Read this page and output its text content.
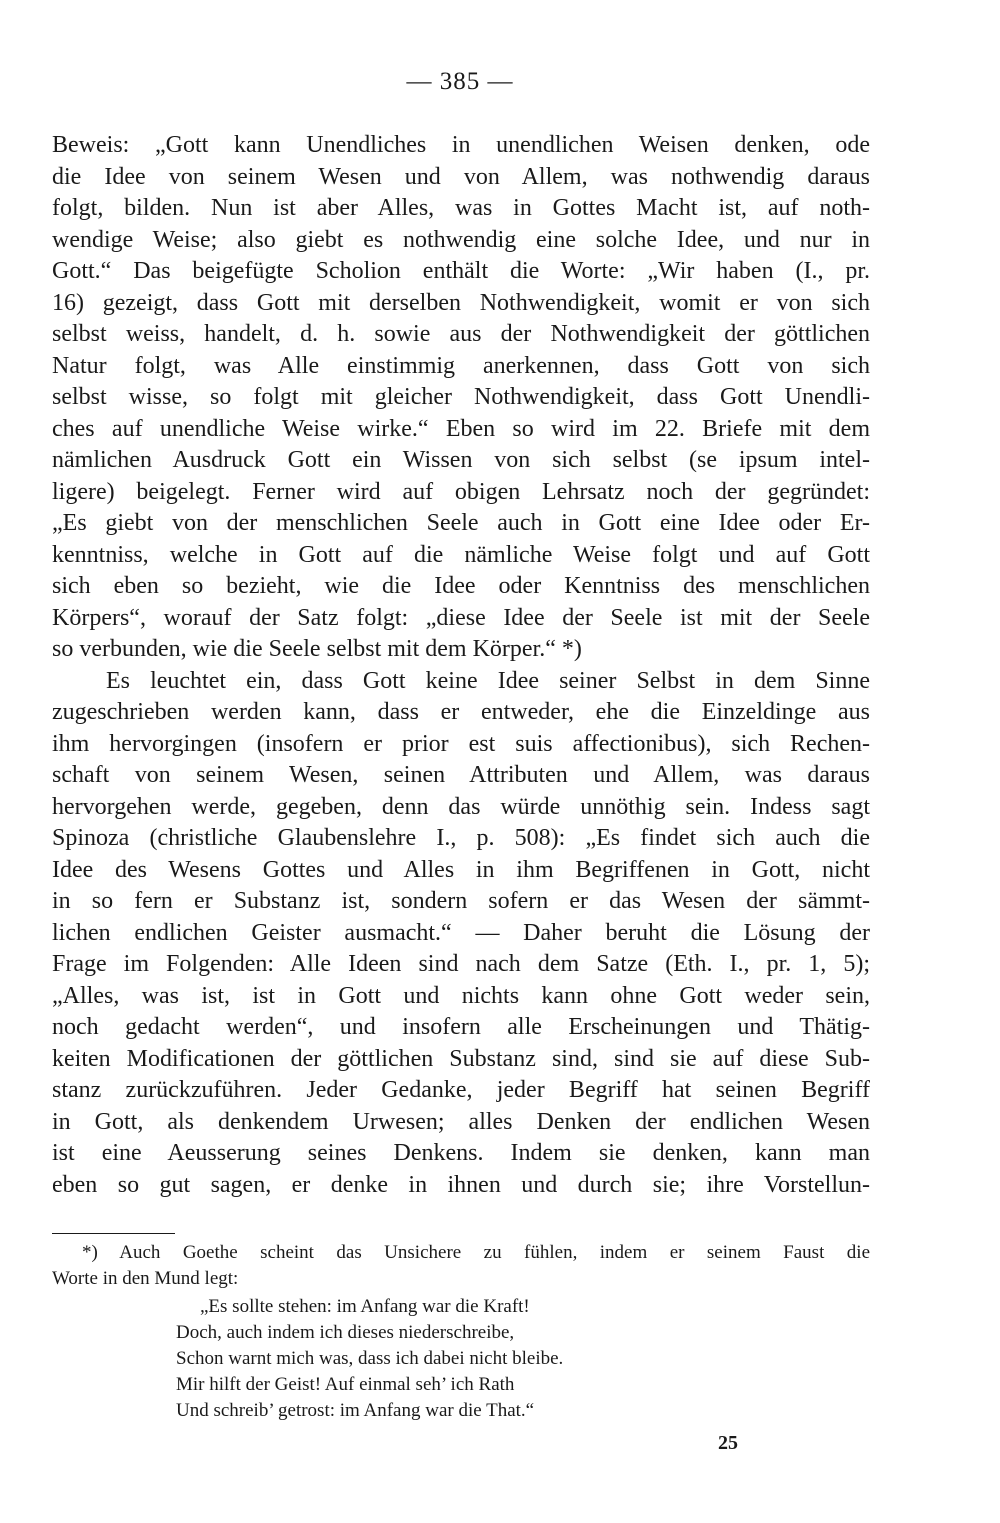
— 385 —
Beweis: „Gott kann Unendliches in unendlichen Weisen denken, ode
die Idee von seinem Wesen und von Allem, was nothwendig daraus
folgt, bilden. Nun ist aber Alles, was in Gottes Macht ist, auf noth-
wendige Weise; also giebt es nothwendig eine solche Idee, und nur in
Gott.“ Das beigefügte Scholion enthält die Worte: „Wir haben (I., pr.
16) gezeigt, dass Gott mit derselben Nothwendigkeit, womit er von sich
selbst weiss, handelt, d. h. sowie aus der Nothwendigkeit der göttlichen
Natur folgt, was Alle einstimmig anerkennen, dass Gott von sich
selbst wisse, so folgt mit gleicher Nothwendigkeit, dass Gott Unendli-
ches auf unendliche Weise wirke.“ Eben so wird im 22. Briefe mit dem
nämlichen Ausdruck Gott ein Wissen von sich selbst (se ipsum intel-
ligere) beigelegt. Ferner wird auf obigen Lehrsatz noch der gegründet:
„Es giebt von der menschlichen Seele auch in Gott eine Idee oder Er-
kenntniss, welche in Gott auf die nämliche Weise folgt und auf Gott
sich eben so bezieht, wie die Idee oder Kenntniss des menschlichen
Körpers“, worauf der Satz folgt: „diese Idee der Seele ist mit der Seele
so verbunden, wie die Seele selbst mit dem Körper.“ *)
Es leuchtet ein, dass Gott keine Idee seiner Selbst in dem Sinne
zugeschrieben werden kann, dass er entweder, ehe die Einzeldinge aus
ihm hervorgingen (insofern er prior est suis affectionibus), sich Rechen-
schaft von seinem Wesen, seinen Attributen und Allem, was daraus
hervorgehen werde, gegeben, denn das würde unnöthig sein. Indess sagt
Spinoza (christliche Glaubenslehre I., p. 508): „Es findet sich auch die
Idee des Wesens Gottes und Alles in ihm Begriffenen in Gott, nicht
in so fern er Substanz ist, sondern sofern er das Wesen der sämmt-
lichen endlichen Geister ausmacht.“ — Daher beruht die Lösung der
Frage im Folgenden: Alle Ideen sind nach dem Satze (Eth. I., pr. 1, 5);
„Alles, was ist, ist in Gott und nichts kann ohne Gott weder sein,
noch gedacht werden“, und insofern alle Erscheinungen und Thätig-
keiten Modificationen der göttlichen Substanz sind, sind sie auf diese Sub-
stanz zurückzuführen. Jeder Gedanke, jeder Begriff hat seinen Begriff
in Gott, als denkendem Urwesen; alles Denken der endlichen Wesen
ist eine Aeusserung seines Denkens. Indem sie denken, kann man
eben so gut sagen, er denke in ihnen und durch sie; ihre Vorstellun-
*) Auch Goethe scheint das Unsichere zu fühlen, indem er seinem Faust die
Worte in den Mund legt:
„Es sollte stehen: im Anfang war die Kraft!
Doch, auch indem ich dieses niederschreibe,
Schon warnt mich was, dass ich dabei nicht bleibe.
Mir hilft der Geist! Auf einmal seh’ ich Rath
Und schreib’ getrost: im Anfang war die That.“
25
